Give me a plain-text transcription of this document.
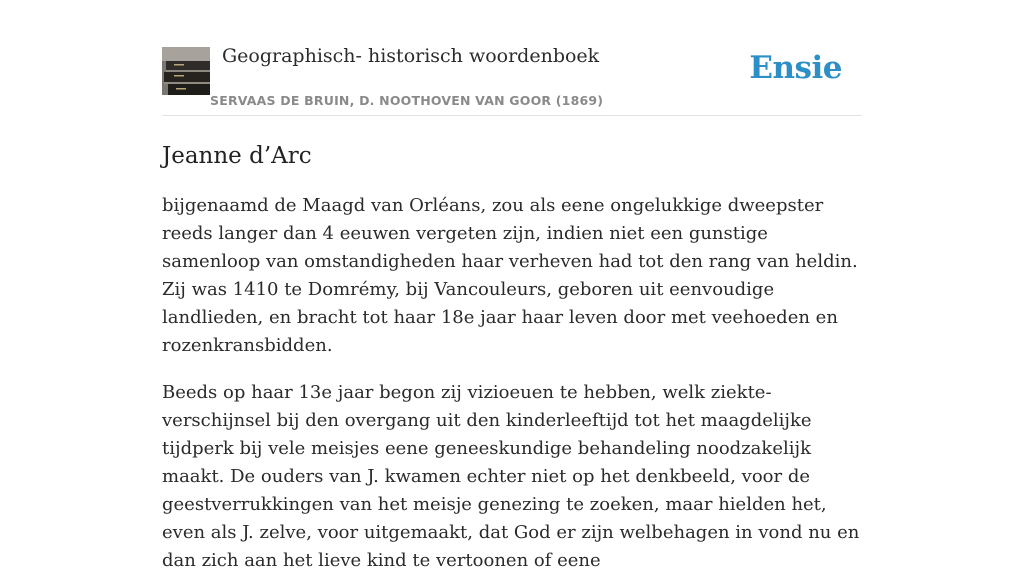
Geographisch- historisch woordenboek
SERVAAS DE BRUIN, D. NOOTHOVEN VAN GOOR (1869)
Ensie
Jeanne d’Arc

bijgenaamd de Maagd van Orléans, zou als eene ongelukkige dweepster reeds langer dan 4 eeuwen vergeten zijn, indien niet een gunstige samenloop van omstandigheden haar verheven had tot den rang van heldin. Zij was 1410 te Domrémy, bij Vancouleurs, geboren uit eenvoudige landlieden, en bracht tot haar 18e jaar haar leven door met veehoeden en rozenkransbidden.

Beeds op haar 13e jaar begon zij vizioeuen te hebben, welk ziekte-verschijnsel bij den overgang uit den kinderleeftijd tot het maagdelijke tijdperk bij vele meisjes eene geneeskundige behandeling noodzakelijk maakt. De ouders van J. kwamen echter niet op het denkbeeld, voor de geestverrukkingen van het meisje genezing te zoeken, maar hielden het, even als J. zelve, voor uitgemaakt, dat God er zijn welbehagen in vond nu en dan zich aan het lieve kind te vertoonen of eene
